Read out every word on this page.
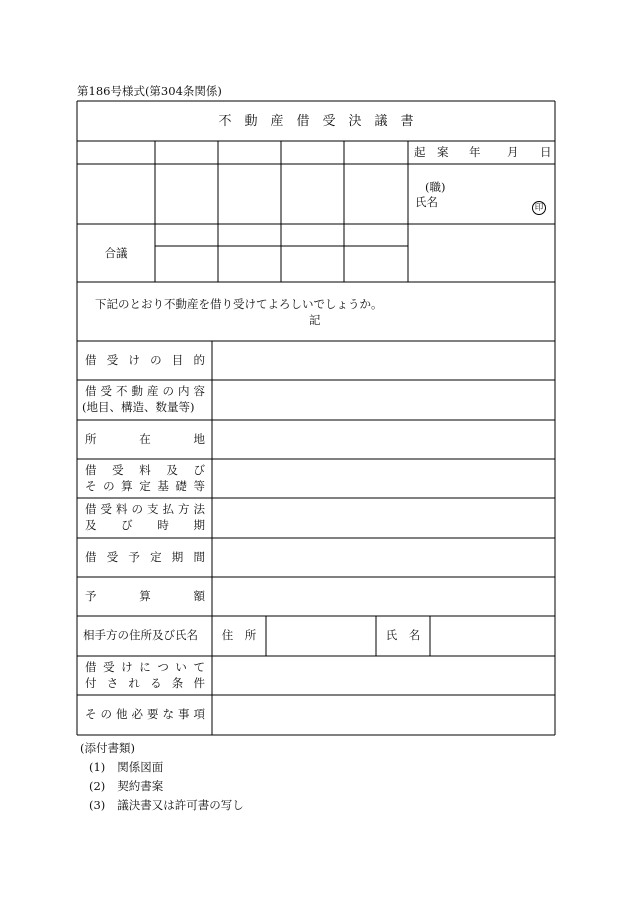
第186号様式(第304条関係)
不　動　産　借　受　決　議　書
起　案 年 月 日
(職)
氏名	印
合議
下記のとおり不動産を借り受けてよろしいでしょうか。
記
借 受 け の 目 的
借 受 不 動 産 の 内 容
(地目、構造、数量等)
所	在	地
借 受 料 及 び
そ の 算 定 基 礎 等
借 受 料 の 支 払 方 法
及 び 時 期
借 受 予 定 期 間
予	算	額
相手方の住所及び氏名	住　所	氏　名
借 受 け に つ い て
付 さ れ る 条 件
そ の 他 必 要 な 事 項
(添付書類)
(1) 関係図面
(2) 契約書案
(3) 議決書又は許可書の写し
